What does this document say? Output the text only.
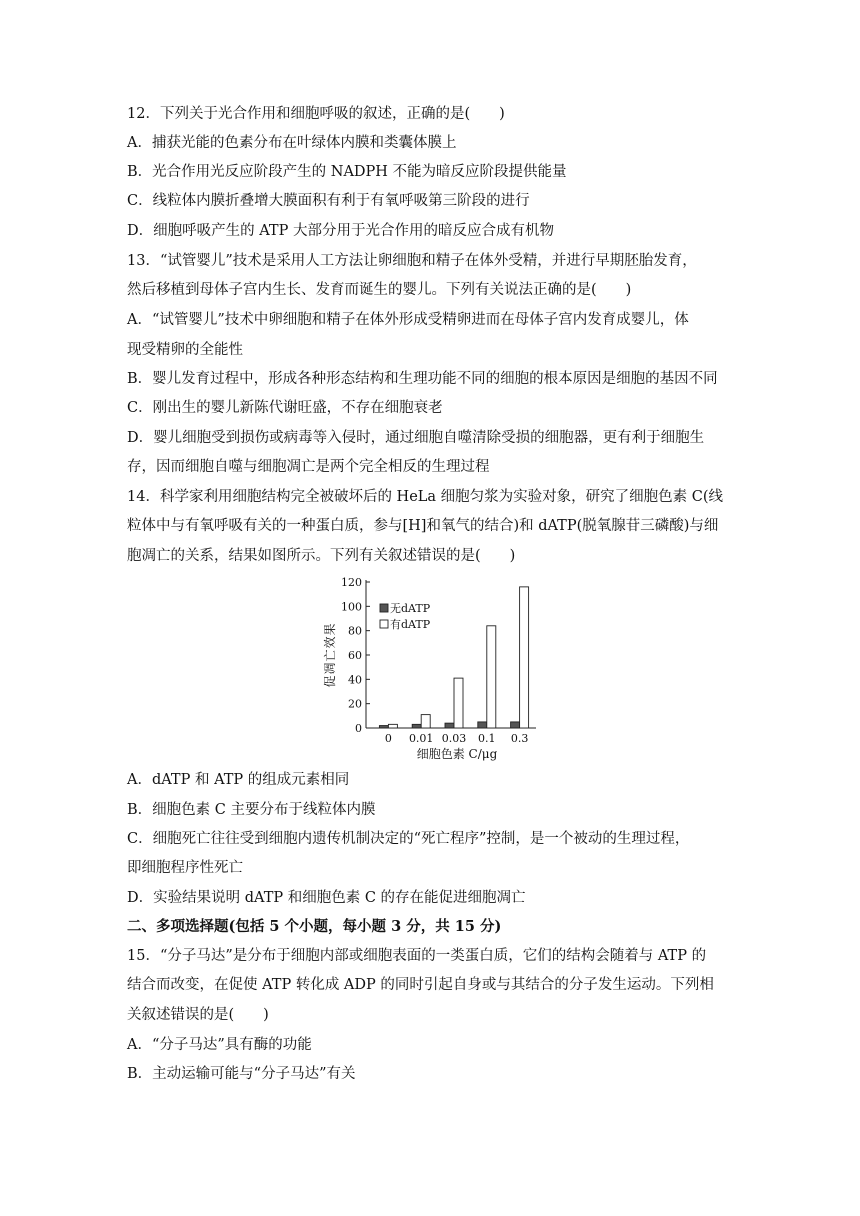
12．下列关于光合作用和细胞呼吸的叙述，正确的是(　　)
A．捕获光能的色素分布在叶绿体内膜和类囊体膜上
B．光合作用光反应阶段产生的 NADPH 不能为暗反应阶段提供能量
C．线粒体内膜折叠增大膜面积有利于有氧呼吸第三阶段的进行
D．细胞呼吸产生的 ATP 大部分用于光合作用的暗反应合成有机物
13．“试管婴儿”技术是采用人工方法让卵细胞和精子在体外受精，并进行早期胚胎发育，
然后移植到母体子宫内生长、发育而诞生的婴儿。下列有关说法正确的是(　　)
A．“试管婴儿”技术中卵细胞和精子在体外形成受精卵进而在母体子宫内发育成婴儿，体
现受精卵的全能性
B．婴儿发育过程中，形成各种形态结构和生理功能不同的细胞的根本原因是细胞的基因不同
C．刚出生的婴儿新陈代谢旺盛，不存在细胞衰老
D．婴儿细胞受到损伤或病毒等入侵时，通过细胞自噬清除受损的细胞器，更有利于细胞生
存，因而细胞自噬与细胞凋亡是两个完全相反的生理过程
14．科学家利用细胞结构完全被破坏后的 HeLa 细胞匀浆为实验对象，研究了细胞色素 C(线
粒体中与有氧呼吸有关的一种蛋白质，参与[H]和氧气的结合)和 dATP(脱氧腺苷三磷酸)与细
胞凋亡的关系，结果如图所示。下列有关叙述错误的是(　　)
0
20
40
60
80
100
120
促凋亡效果
0 0.01 0.03 0.1 0.3
细胞色素 C/μg
无dATP
有dATP
A．dATP 和 ATP 的组成元素相同
B．细胞色素 C 主要分布于线粒体内膜
C．细胞死亡往往受到细胞内遗传机制决定的“死亡程序”控制，是一个被动的生理过程，
即细胞程序性死亡
D．实验结果说明 dATP 和细胞色素 C 的存在能促进细胞凋亡
二、多项选择题(包括 5 个小题，每小题 3 分，共 15 分)
15．“分子马达”是分布于细胞内部或细胞表面的一类蛋白质，它们的结构会随着与 ATP 的
结合而改变，在促使 ATP 转化成 ADP 的同时引起自身或与其结合的分子发生运动。下列相
关叙述错误的是(　　)
A．“分子马达”具有酶的功能
B．主动运输可能与“分子马达”有关
